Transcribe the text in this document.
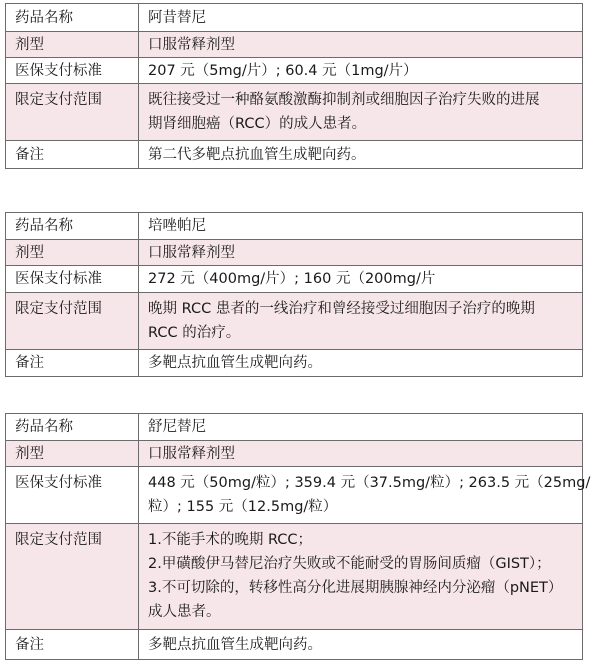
药品名称	阿昔替尼
剂型	口服常释剂型
医保支付标准	207 元（5mg/片）; 60.4 元（1mg/片）
限定支付范围	既往接受过一种酪氨酸激酶抑制剂或细胞因子治疗失败的进展
期肾细胞癌（RCC）的成人患者。

备注	第二代多靶点抗血管生成靶向药。
药品名称	培唑帕尼
剂型	口服常释剂型
医保支付标准	272 元（400mg/片）; 160 元（200mg/片
限定支付范围	晚期 RCC 患者的一线治疗和曾经接受过细胞因子治疗的晚期
RCC 的治疗。

备注	多靶点抗血管生成靶向药。
药品名称	舒尼替尼
剂型	口服常释剂型
医保支付标准	448 元（50mg/粒）; 359.4 元（37.5mg/粒）; 263.5 元（25mg/
粒）; 155 元（12.5mg/粒）

限定支付范围	1.不能手术的晚期 RCC；
2.甲磺酸伊马替尼治疗失败或不能耐受的胃肠间质瘤（GIST）；
3.不可切除的，转移性高分化进展期胰腺神经内分泌瘤（pNET）
成人患者。

备注	多靶点抗血管生成靶向药。
